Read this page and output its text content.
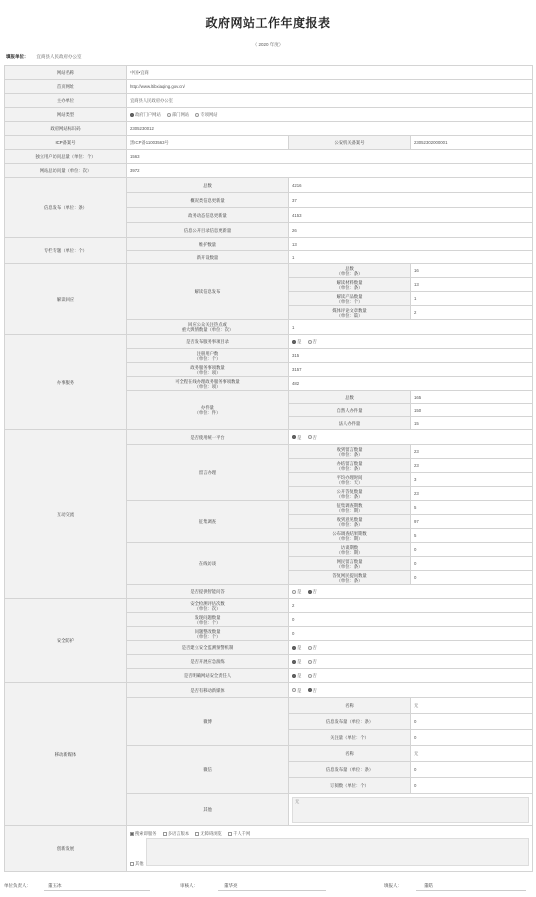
政府网站工作年度报表
（ 2020 年度）
填报单位： 宜商县人民政府办公室
网站名称	中国•宜商		
首页网址	http://www.ltibxiaqing.gov.cn/		
主办单位	宜商县人民政府办公室		
网站类型	政府门户网站 部门网站 专项网站		
政府网站标识码	2305230012		
ICP备案号	黑ICP备11003563号	公安机关备案号	23052302000001
独立用户访问总量（单位：个）	1563		
网站总访问量（单位：次）	3972		
信息发布（单位：条）	总数	4216	
	概况类信息更新量	37	
	政务动态信息更新量	4153	
	信息公开目录信息更新量	26	
专栏专题（单位：个）	维护数量	13	
	新开设数量	1	
解读回应	解读信息发布	总数
（单位：条）	16
		解读材料数量
（单位：条）	13
		解读产品数量
（单位：个）	1
		媒体评论文章数量
（单位：篇）	2
	回应公众关注热点或
重大舆情数量（单位：次）	1	
办事服务	是否发布服务事项目录	是 否	
	注册用户数
（单位：个）	315	
	政务服务事项数量
（单位：项）	3157	
	可全程在线办理政务服务事项数量
（单位：项）	482	
	办件量
（单位：件）	总数	165
		自然人办件量	150
		法人办件量	15
互动交流	是否使用统一平台	是 否	
	留言办理	收到留言数量
（单位：条）	23
		办结留言数量
（单位：条）	23
		平均办理时间
（单位：天）	3
		公开答复数量
（单位：条）	23
	征集调查	征集调查期数
（单位：期）	5
		收到意见数量
（单位：条）	97
		公布调查结果期数
（单位：期）	5
	在线访谈	访谈期数
（单位：期）	0
		网民留言数量
（单位：条）	0
		答复网民提问数量
（单位：条）	0
	是否提供智能问答	是 否	
安全防护	安全检测评估次数
（单位：次）	2	
	发现问题数量
（单位：个）	0	
	问题整改数量
（单位：个）	0	
	是否建立安全监测预警机制	是 否	
	是否开展应急演练	是 否	
	是否明确网站安全责任人	是 否	
移动新媒体	是否有移动新媒体	是 否	
	微博	名称	无
		信息发布量（单位：条）	0
		关注量（单位：个）	0
	微信	名称	无
		信息发布量（单位：条）	0
		订阅数（单位：个）	0
	其他	无	

创新发展	搜索即服务 多语言版本 无障碍浏览 千人千网
其他		
单位负责人：	董玉冰	审核人：	董华亮	填报人：	董皓
